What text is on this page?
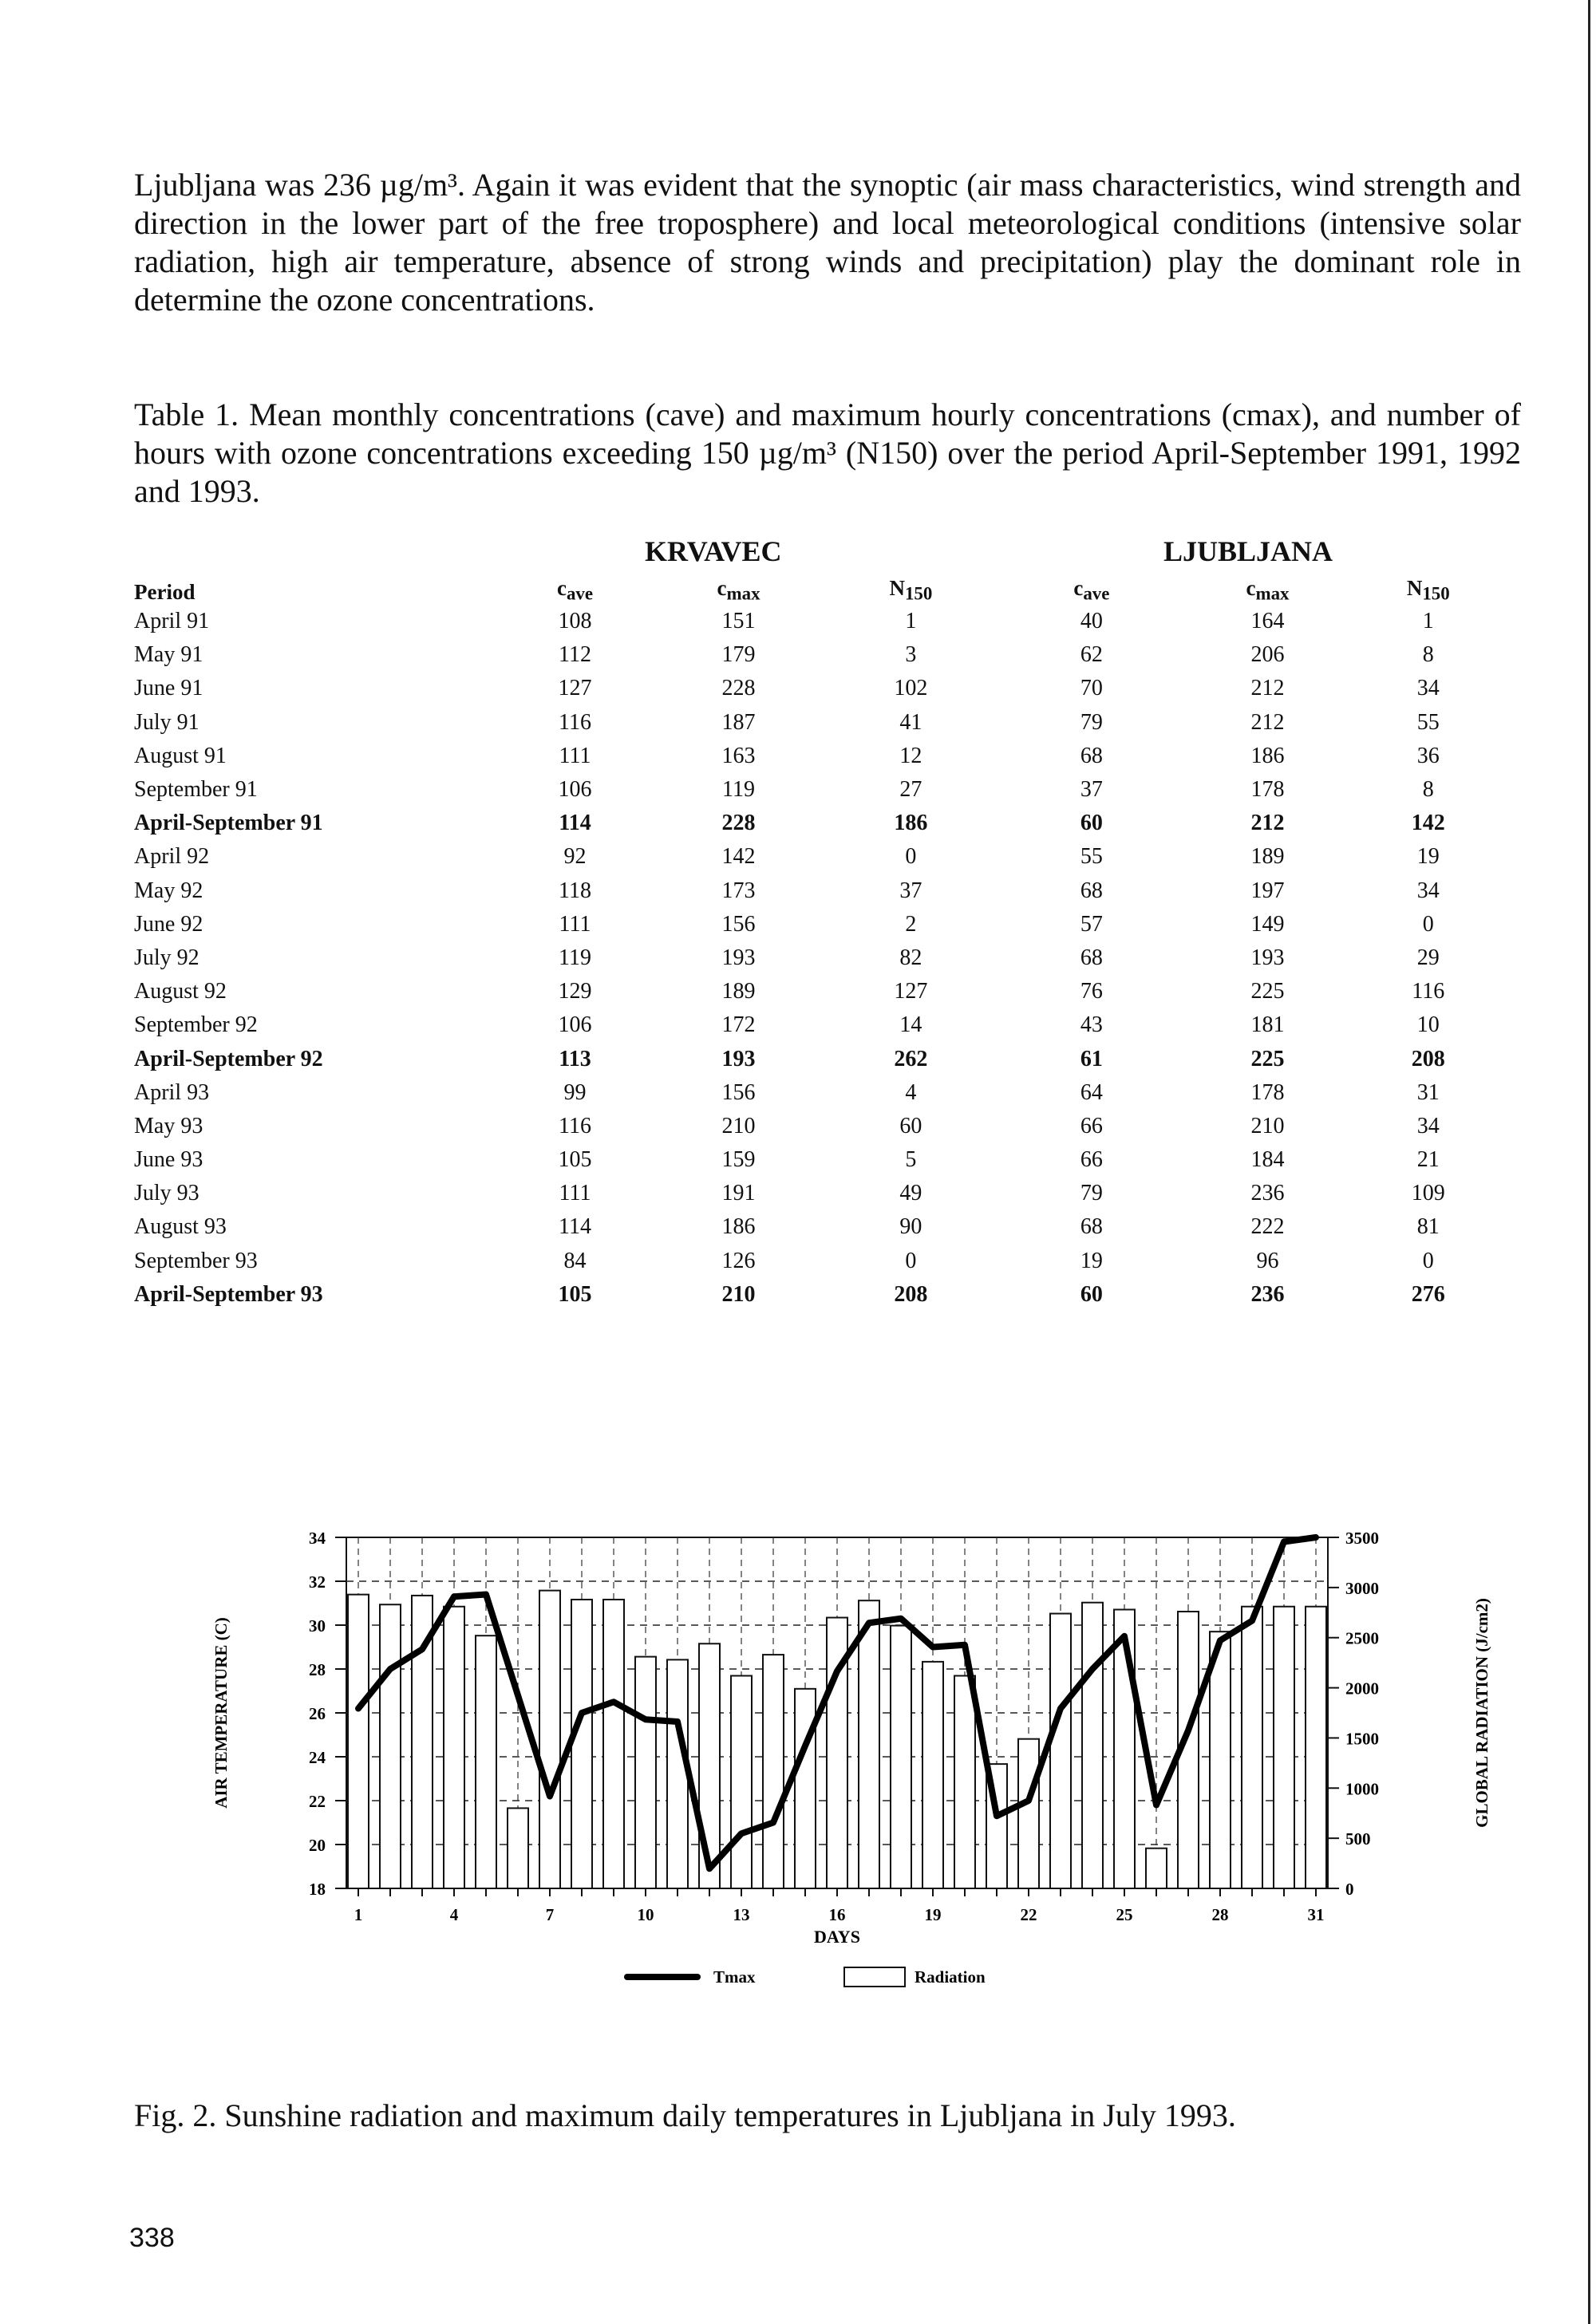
Ljubljana was 236 µg/m³. Again it was evident that the synoptic (air mass characteristics, wind strength and direction in the lower part of the free troposphere) and local meteorological conditions (intensive solar radiation, high air temperature, absence of strong winds and precipitation) play the dominant role in determine the ozone concentrations.

Table 1. Mean monthly concentrations (cave) and maximum hourly concentrations (cmax), and number of hours with ozone concentrations exceeding 150 µg/m³ (N150) over the period April-September 1991, 1992 and 1993.

KRVAVEC	LJUBLJANA
Period	$c_{ave}$	$c_{max}$	$N_{150}$	$c_{ave}$	$c_{max}$	$N_{150}$
April 91	108	151	1	40	164	1
May 91	112	179	3	62	206	8
June 91	127	228	102	70	212	34
July 91	116	187	41	79	212	55
August 91	111	163	12	68	186	36
September 91	106	119	27	37	178	8
April-September 91	114	228	186	60	212	142
April 92	92	142	0	55	189	19
May 92	118	173	37	68	197	34
June 92	111	156	2	57	149	0
July 92	119	193	82	68	193	29
August 92	129	189	127	76	225	116
September 92	106	172	14	43	181	10
April-September 92	113	193	262	61	225	208
April 93	99	156	4	64	178	31
May 93	116	210	60	66	210	34
June 93	105	159	5	66	184	21
July 93	111	191	49	79	236	109
August 93	114	186	90	68	222	81
September 93	84	126	0	19	96	0
April-September 93	105	210	208	60	236	276
18
20
22
24
26
28
30
32
34
0
500
1000
1500
2000
2500
3000
3500
1	4	7	10	13	16	19	22	25	28	31
DAYS
AIR TEMPERATURE (C)	GLOBAL RADIATION (J/cm2)
Tmax	Radiation

Fig. 2. Sunshine radiation and maximum daily temperatures in Ljubljana in July 1993.

338
